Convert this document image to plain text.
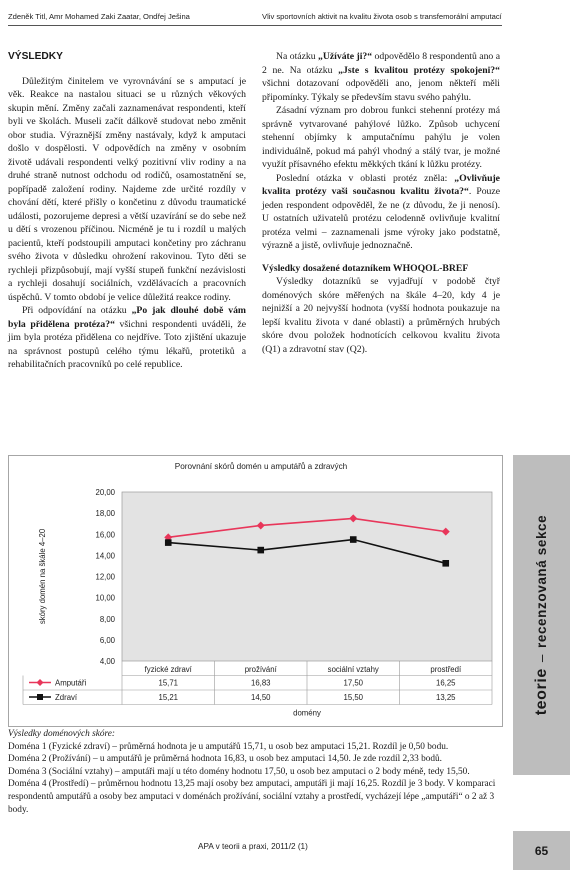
Zdeněk Titl, Amr Mohamed Zaki Zaatar, Ondřej Ješina	Vliv sportovních aktivit na kvalitu života osob s transfemorální amputací

VÝSLEDKY

Důležitým činitelem ve vyrovnávání se s amputací je věk. Reakce na nastalou situaci se u různých věkových skupin mění. Změny začali zaznamenávat respondenti, kteří byli ve školách. Museli začít dálkově studovat nebo změnit obor studia. Výraznější změny nastávaly, když k amputaci došlo v dospělosti. V odpovědích na změny v osobním životě udávali respondenti velký pozitivní vliv rodiny a na druhé straně nutnost odchodu od rodičů, osamostatnění se, popřípadě založení rodiny. Najdeme zde určité rozdíly v chování dětí, které přišly o končetinu z důvodu traumatické události, pozorujeme depresi a větší uzavírání se do sebe než u dětí s vrozenou příčinou. Nicméně je tu i rozdíl u malých pacientů, kteří podstoupili amputaci končetiny pro záchranu svého života v důsledku ohrožení rakovinou. Tyto děti se rychleji přizpůsobují, mají vyšší stupeň funkční nezávislosti a rychleji dosahují sociálních, vzdělávacích a pracovních úspěchů. V tomto období je velice důležitá reakce rodiny.

Při odpovídání na otázku „Po jak dlouhé době vám byla přidělena protéza?“ všichni respondenti uváděli, že jim byla protéza přidělena co nejdříve. Toto zjištění ukazuje na správnost postupů celého týmu lékařů, protetiků a rehabilitačních pracovníků po celé republice.

Na otázku „Užíváte ji?“ odpovědělo 8 respondentů ano a 2 ne. Na otázku „Jste s kvalitou protézy spokojeni?“ všichni dotazovaní odpověděli ano, jenom někteří měli připomínky. Týkaly se především stavu svého pahýlu.

Zásadní význam pro dobrou funkci stehenní protézy má správně vytvarované pahýlové lůžko. Způsob uchycení stehenní objímky k amputačnímu pahýlu je volen individuálně, pokud má pahýl vhodný a stálý tvar, je možné využít přísavného efektu měkkých tkání k lůžku protézy.

Poslední otázka v oblasti protéz zněla: „Ovlivňuje kvalita protézy vaši současnou kvalitu života?“. Pouze jeden respondent odpověděl, že ne (z důvodu, že ji nenosí). U ostatních uživatelů protézu celodenně ovlivňuje kvalitní protéza velmi – zaznamenali jsme výroky jako podstatně, výrazně a jistě, ovlivňuje jednoznačně.

Výsledky dosažené dotazníkem WHOQOL-BREF

Výsledky dotazníků se vyjadřují v podobě čtyř doménových skóre měřených na škále 4–20, kdy 4 je nejnižší a 20 nejvyšší hodnota (vyšší hodnota poukazuje na lepší kvalitu života v dané oblasti) a průměrných hrubých skóre dvou položek hodnotících celkovou kvalitu života (Q1) a zdravotní stav (Q2).

Porovnání skórů domén u amputářů a zdravých
4,00
6,00
8,00
10,00
12,00
14,00
16,00
18,00
20,00
skóry domén na škále 4–20
fyzické zdraví	prožívání	sociální vztahy	prostředí
Amputáři	15,71	16,83	17,50	16,25
Zdraví	15,21	14,50	15,50	13,25
domény	teorie
–
recenzovaná sekce

Výsledky doménových skóre:

Doména 1 (Fyzické zdraví) – průměrná hodnota je u amputářů 15,71, u osob bez amputaci 15,21. Rozdíl je 0,50 bodu.

Doména 2 (Prožívání) – u amputářů je průměrná hodnota 16,83, u osob bez amputaci 14,50. Je zde rozdíl 2,33 bodů.

Doména 3 (Sociální vztahy) – amputáři mají u této domény hodnotu 17,50, u osob bez amputaci o 2 body méně, tedy 15,50. Doména 4 (Prostředí) – průměrnou hodnotu 13,25 mají osoby bez amputaci, amputáři ji mají 16,25. Rozdíl je 3 body. V komparaci respondentů amputářů a osoby bez amputaci v doménách prožívání, sociální vztahy a prostředí, vycházejí lépe „amputáři“ o 2 až 3 body.

APA v teorii a praxi, 2011/2 (1)	65
